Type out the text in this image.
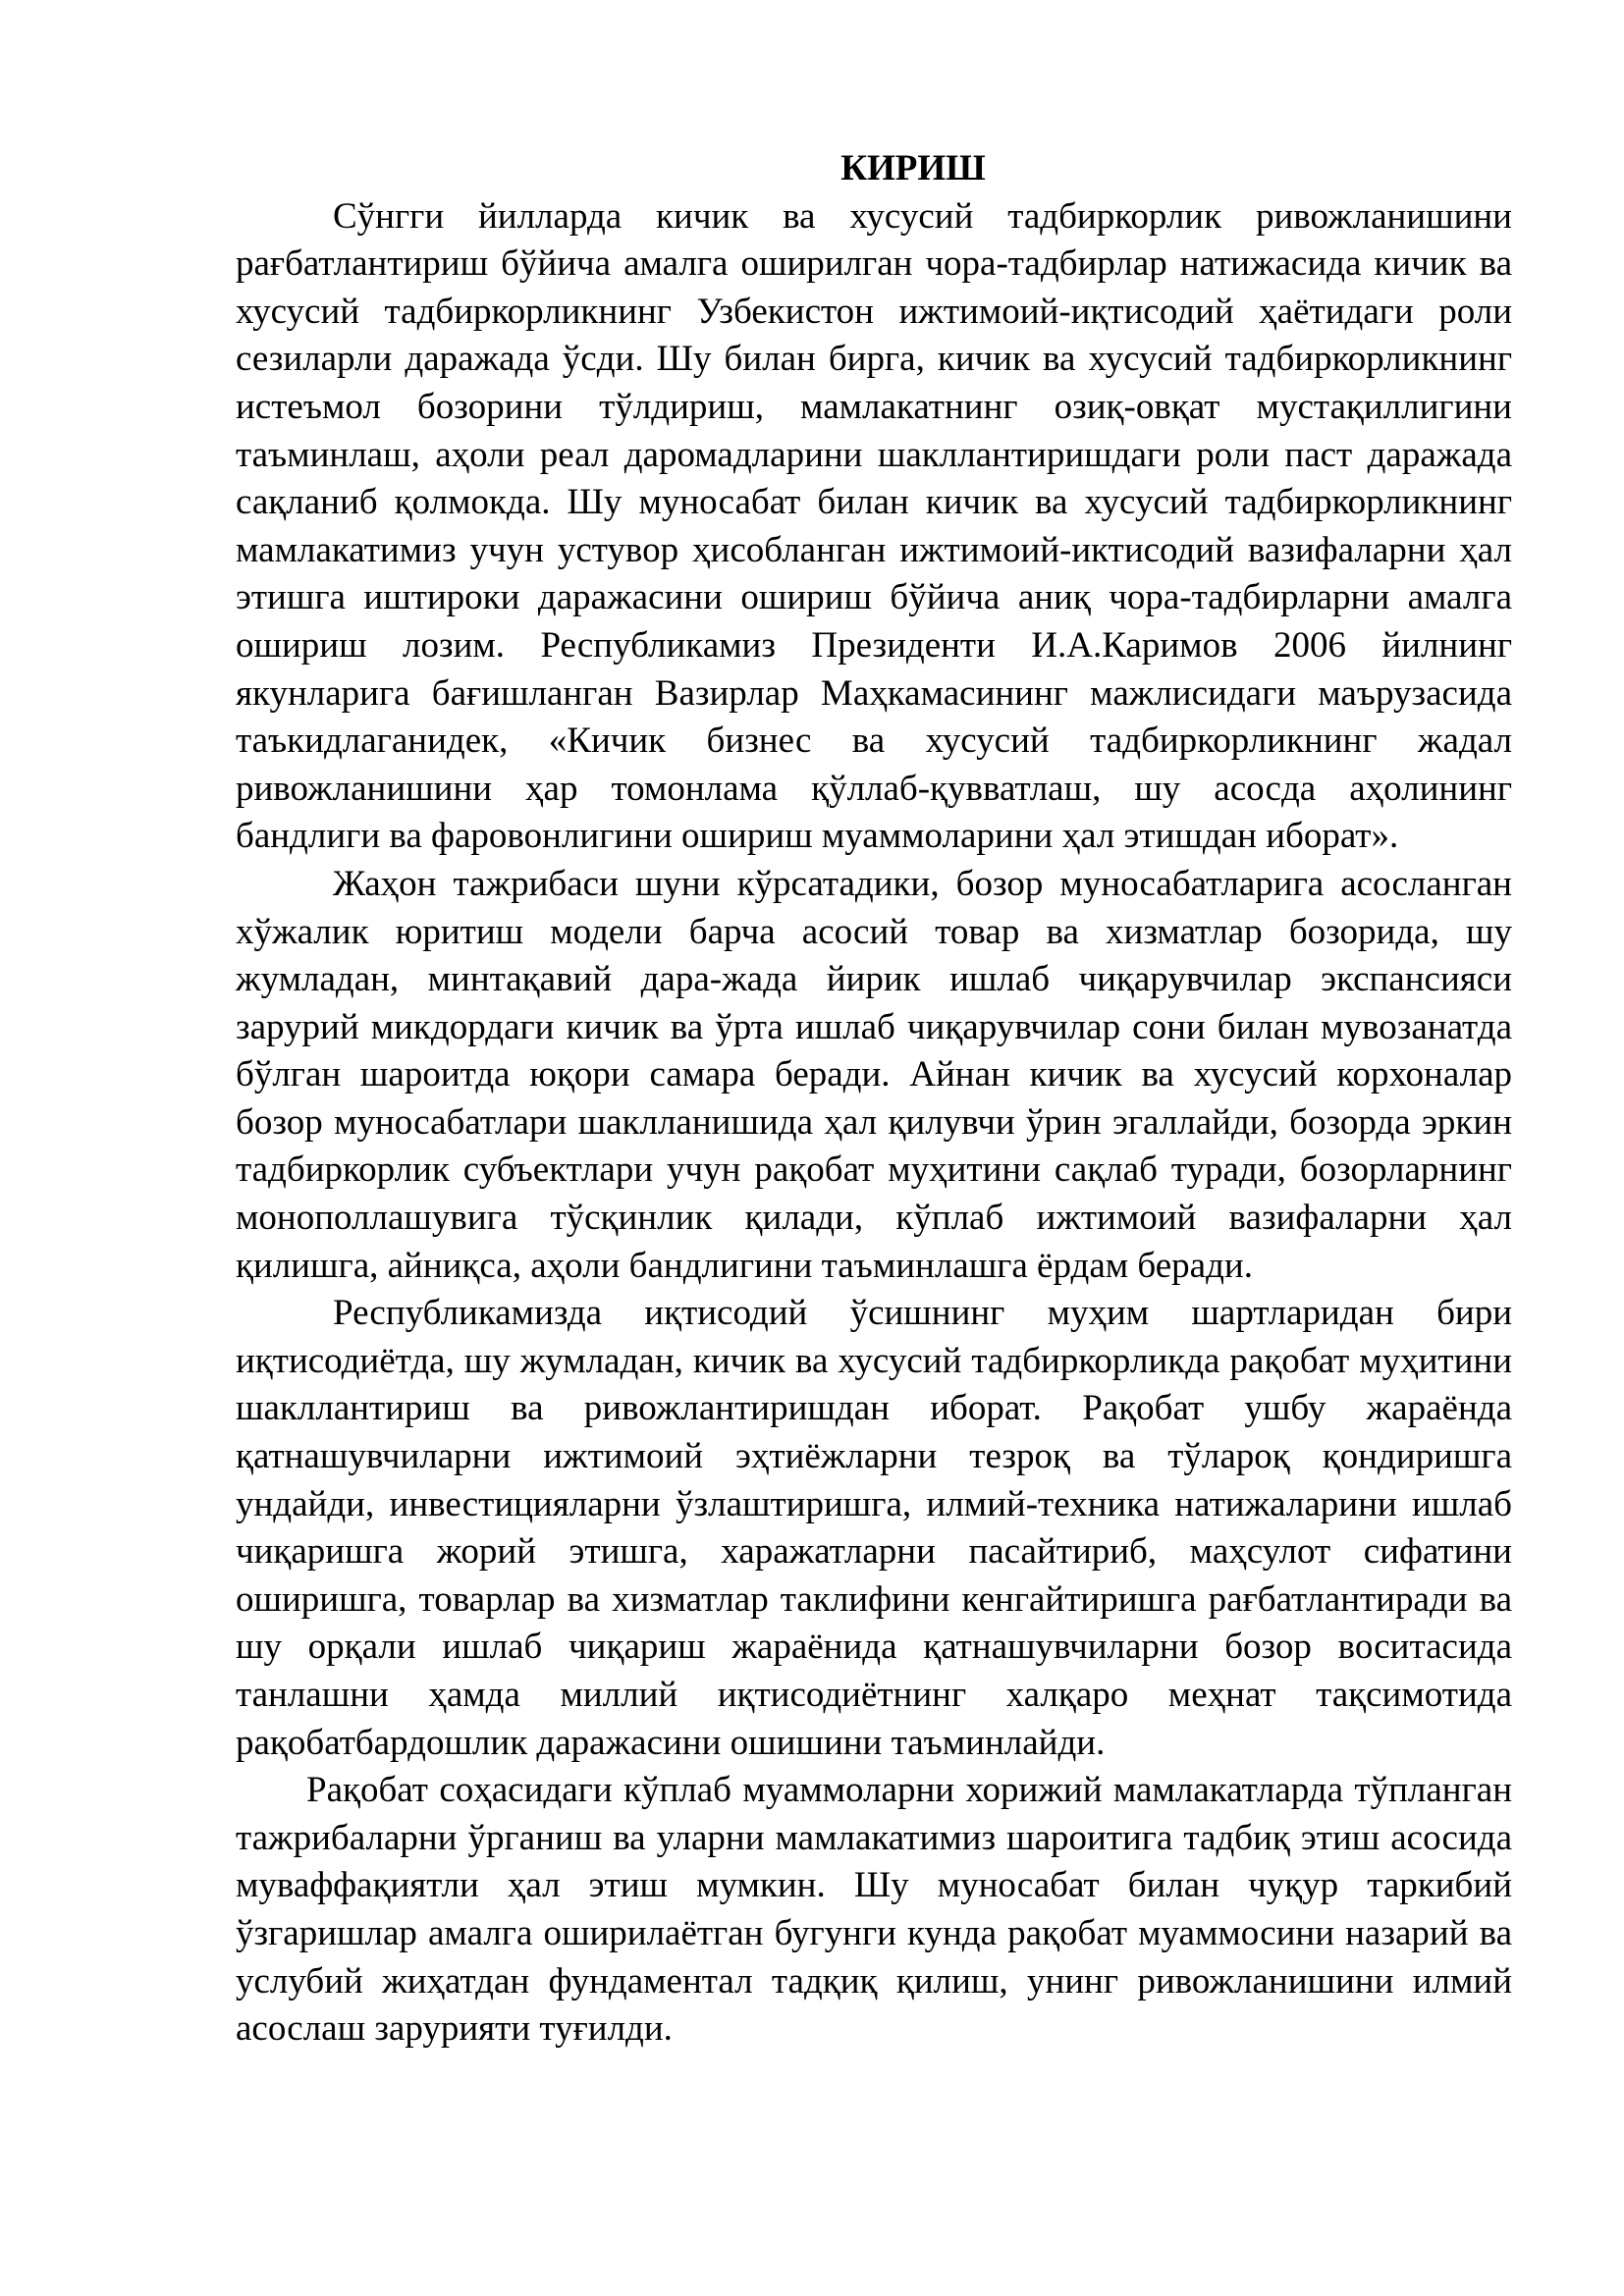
КИРИШ

Сўнгги йилларда кичик ва хусусий тадбиркорлик ривожланишини рағбатлантириш бўйича амалга оширилган чора-тадбирлар натижасида кичик ва хусусий тадбиркорликнинг Узбекистон ижтимоий-иқтисодий ҳаётидаги роли сезиларли даражада ўсди. Шу билан бирга, кичик ва хусусий тадбиркорликнинг истеъмол бозорини тўлдириш, мамлакатнинг озиқ-овқат мустақиллигини таъминлаш, аҳоли реал даромадларини шакллантиришдаги роли паст даражада сақланиб қолмокда. Шу муносабат билан кичик ва хусусий тадбиркорликнинг мамлакатимиз учун устувор ҳисобланган ижтимоий-иктисодий вазифаларни ҳал этишга иштироки даражасини ошириш бўйича аниқ чора-тадбирларни амалга ошириш лозим. Республикамиз Президенти И.А.Каримов 2006 йилнинг якунларига бағишланган Вазирлар Маҳкамасининг мажлисидаги маърузасида таъкидлаганидек, «Кичик бизнес ва хусусий тадбиркорликнинг жадал ривожланишини ҳар томонлама қўллаб-қувватлаш, шу асосда аҳолининг бандлиги ва фаровонлигини ошириш муаммоларини ҳал этишдан иборат».

Жаҳон тажрибаси шуни кўрсатадики, бозор муносабатларига асосланган хўжалик юритиш модели барча асосий товар ва хизматлар бозорида, шу жумладан, минтақавий дара-жада йирик ишлаб чиқарувчилар экспансияси зарурий микдордаги кичик ва ўрта ишлаб чиқарувчилар сони билан мувозанатда бўлган шароитда юқори самара беради. Айнан кичик ва хусусий корхоналар бозор муносабатлари шаклланишида ҳал қилувчи ўрин эгаллайди, бозорда эркин тадбиркорлик субъектлари учун рақобат муҳитини сақлаб туради, бозорларнинг монополлашувига тўсқинлик қилади, кўплаб ижтимоий вазифаларни ҳал қилишга, айниқса, аҳоли бандлигини таъминлашга ёрдам беради.

Республикамизда иқтисодий ўсишнинг муҳим шартларидан бири иқтисодиётда, шу жумладан, кичик ва хусусий тадбиркорликда рақобат муҳитини шакллантириш ва ривожлантиришдан иборат. Рақобат ушбу жараёнда қатнашувчиларни ижтимоий эҳтиёжларни тезроқ ва тўлароқ қондиришга ундайди, инвестицияларни ўзлаштиришга, илмий-техника натижаларини ишлаб чиқаришга жорий этишга, харажатларни пасайтириб, маҳсулот сифатини оширишга, товарлар ва хизматлар таклифини кенгайтиришга рағбатлантиради ва шу орқали ишлаб чиқариш жараёнида қатнашувчиларни бозор воситасида танлашни ҳамда миллий иқтисодиётнинг халқаро меҳнат тақсимотида рақобатбардошлик даражасини ошишини таъминлайди.

Рақобат соҳасидаги кўплаб муаммоларни хорижий мамлакатларда тўпланган тажрибаларни ўрганиш ва уларни мамлакатимиз шароитига тадбиқ этиш асосида муваффақиятли ҳал этиш мумкин. Шу муносабат билан чуқур таркибий ўзгаришлар амалга оширилаётган бугунги кунда рақобат муаммосини назарий ва услубий жиҳатдан фундаментал тадқиқ қилиш, унинг ривожланишини илмий асослаш зарурияти туғилди.
